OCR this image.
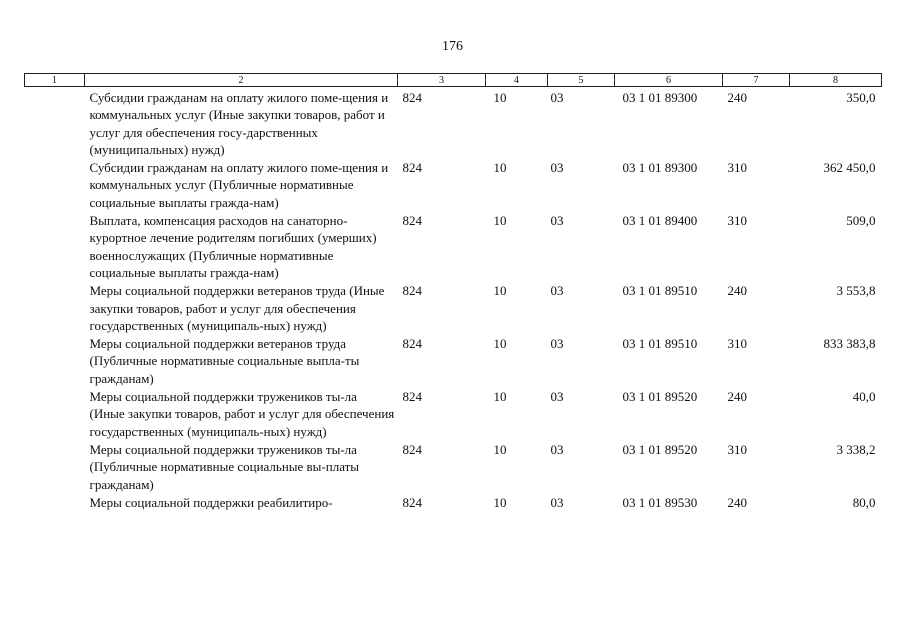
176
1	2	3	4	5	6	7	8
	Субсидии гражданам на оплату жилого поме-щения и коммунальных услуг (Иные закупки товаров, работ и услуг для обеспечения госу-дарственных (муниципальных) нужд)	824	10	03	03 1 01 89300	240	350,0
	Субсидии гражданам на оплату жилого поме-щения и коммунальных услуг (Публичные нормативные социальные выплаты гражда-нам)	824	10	03	03 1 01 89300	310	362 450,0
	Выплата, компенсация расходов на санаторно-курортное лечение родителям погибших (умерших) военнослужащих (Публичные нормативные социальные выплаты гражда-нам)	824	10	03	03 1 01 89400	310	509,0
	Меры социальной поддержки ветеранов труда (Иные закупки товаров, работ и услуг для обеспечения государственных (муниципаль-ных) нужд)	824	10	03	03 1 01 89510	240	3 553,8
	Меры социальной поддержки ветеранов труда (Публичные нормативные социальные выпла-ты гражданам)	824	10	03	03 1 01 89510	310	833 383,8
	Меры социальной поддержки тружеников ты-ла (Иные закупки товаров, работ и услуг для обеспечения государственных (муниципаль-ных) нужд)	824	10	03	03 1 01 89520	240	40,0
	Меры социальной поддержки тружеников ты-ла (Публичные нормативные социальные вы-платы гражданам)	824	10	03	03 1 01 89520	310	3 338,2
	Меры социальной поддержки реабилитиро-	824	10	03	03 1 01 89530	240	80,0
